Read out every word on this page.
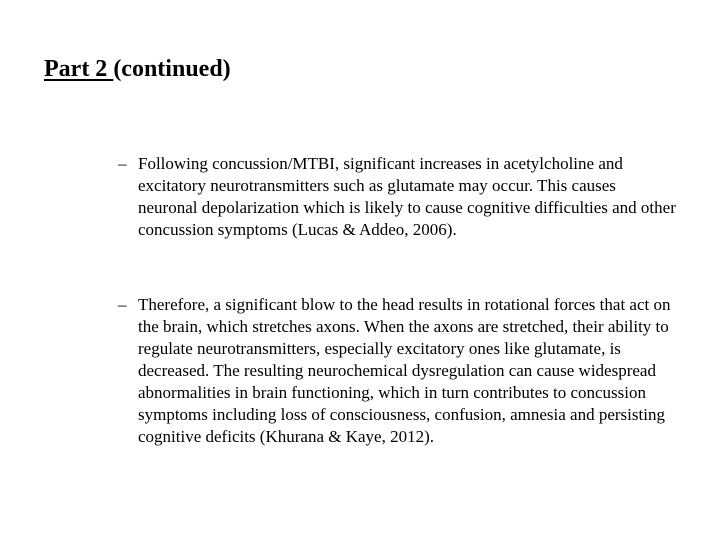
Part 2 (continued)
– Following concussion/MTBI, significant increases in acetylcholine and excitatory neurotransmitters such as glutamate may occur. This causes neuronal depolarization which is likely to cause cognitive difficulties and other concussion symptoms (Lucas & Addeo, 2006).
– Therefore, a significant blow to the head results in rotational forces that act on the brain, which stretches axons. When the axons are stretched, their ability to regulate neurotransmitters, especially excitatory ones like glutamate, is decreased. The resulting neurochemical dysregulation can cause widespread abnormalities in brain functioning, which in turn contributes to concussion symptoms including loss of consciousness, confusion, amnesia and persisting cognitive deficits (Khurana & Kaye, 2012).
